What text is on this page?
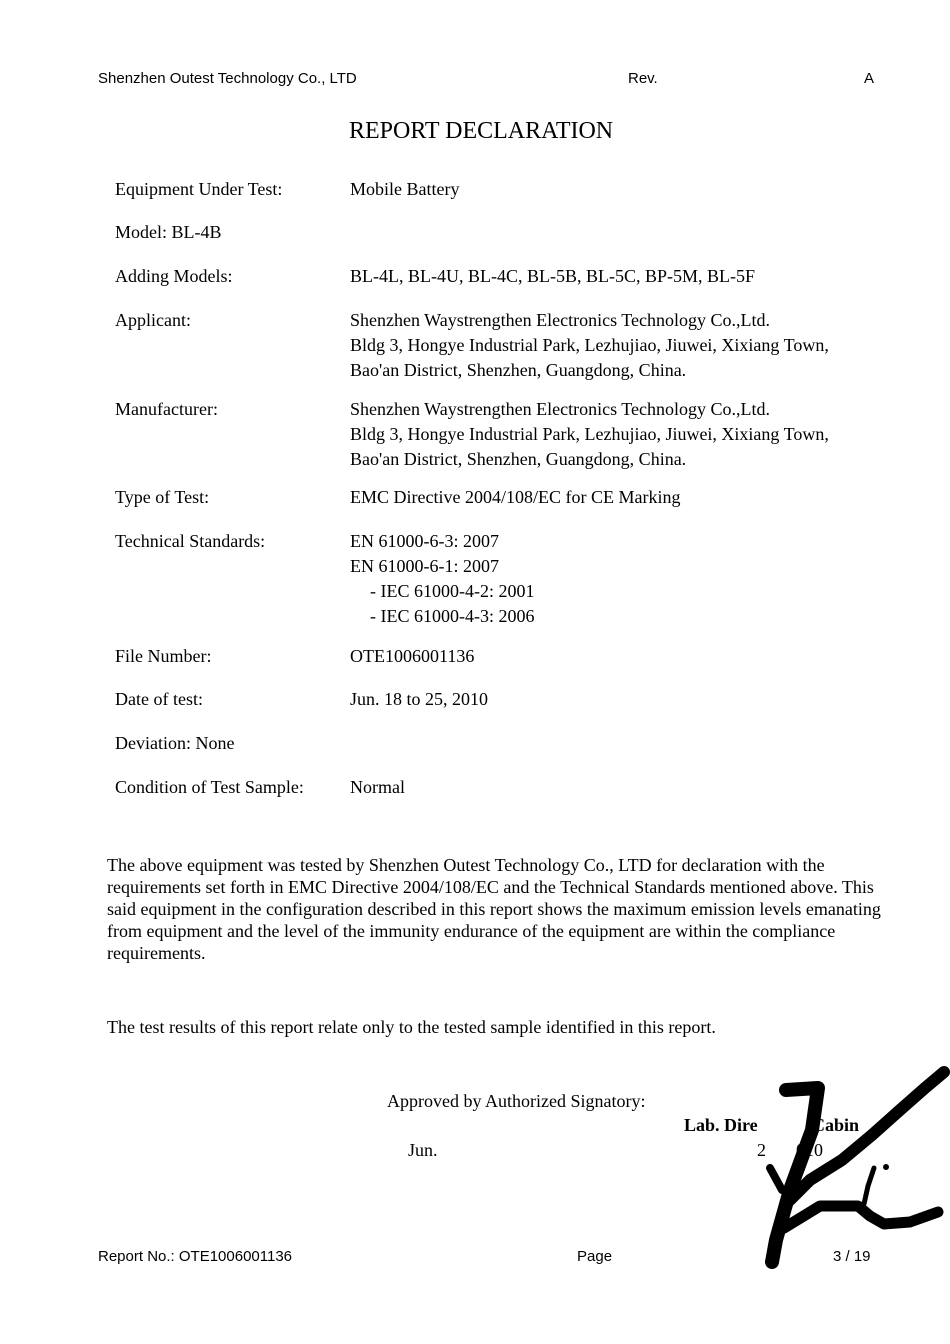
Shenzhen Outest Technology Co., LTD	Rev.	A
REPORT DECLARATION
Equipment Under Test:	Mobile Battery
Model: BL-4B
Adding Models:	BL-4L, BL-4U, BL-4C, BL-5B, BL-5C, BP-5M, BL-5F
Applicant:	Shenzhen Waystrengthen Electronics Technology Co.,Ltd.
Bldg 3, Hongye Industrial Park, Lezhujiao, Jiuwei, Xixiang Town,
Bao'an District, Shenzhen, Guangdong, China.
Manufacturer:	Shenzhen Waystrengthen Electronics Technology Co.,Ltd.
Bldg 3, Hongye Industrial Park, Lezhujiao, Jiuwei, Xixiang Town,
Bao'an District, Shenzhen, Guangdong, China.
Type of Test:	EMC Directive 2004/108/EC for CE Marking
Technical Standards:	EN 61000-6-3: 2007
EN 61000-6-1: 2007
- IEC 61000-4-2: 2001
- IEC 61000-4-3: 2006
File Number:	OTE1006001136
Date of test:	Jun. 18 to 25, 2010
Deviation: None
Condition of Test Sample:	Normal
The above equipment was tested by Shenzhen Outest Technology Co., LTD for declaration with the requirements set forth in EMC Directive 2004/108/EC and the Technical Standards mentioned above. This said equipment in the configuration described in this report shows the maximum emission levels emanating from equipment and the level of the immunity endurance of the equipment are within the compliance requirements.
The test results of this report relate only to the tested sample identified in this report.
Approved by Authorized Signatory:
Lab. Dire	Cabin
Jun.	2 010
Report No.: OTE1006001136	Page	3 / 19
